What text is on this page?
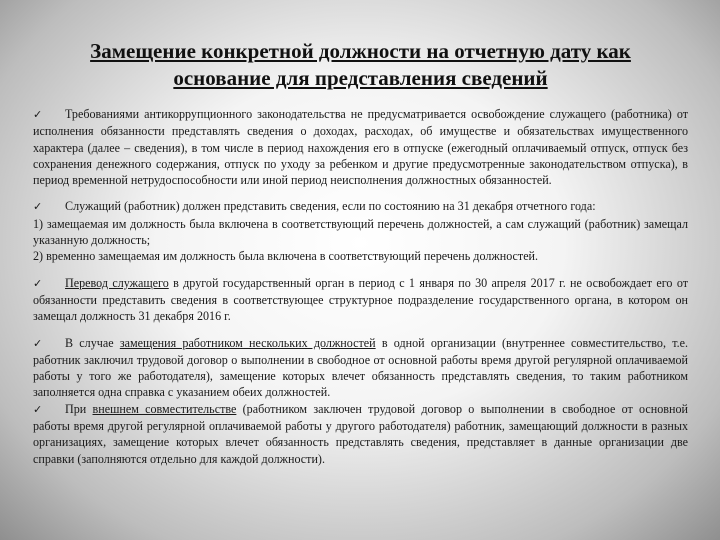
Замещение конкретной должности на отчетную дату как
основание для представления сведений

✓ Требованиями антикоррупционного законодательства не предусматривается освобождение служащего (работника) от исполнения обязанности представлять сведения о доходах, расходах, об имуществе и обязательствах имущественного характера (далее – сведения), в том числе в период нахождения его в отпуске (ежегодный оплачиваемый отпуск, отпуск без сохранения денежного содержания, отпуск по уходу за ребенком и другие предусмотренные законодательством отпуска), в период временной нетрудоспособности или иной период неисполнения должностных обязанностей.

✓ Служащий (работник) должен представить сведения, если по состоянию на 31 декабря отчетного года:
1) замещаемая им должность была включена в соответствующий перечень должностей, а сам служащий (работник) замещал указанную должность;
2) временно замещаемая им должность была включена в соответствующий перечень должностей.

✓ Перевод служащего в другой государственный орган в период с 1 января по 30 апреля 2017 г. не освобождает его от обязанности представить сведения в соответствующее структурное подразделение государственного органа, в котором он замещал должность 31 декабря 2016 г.

✓ В случае замещения работником нескольких должностей в одной организации (внутреннее совместительство, т.е. работник заключил трудовой договор о выполнении в свободное от основной работы время другой регулярной оплачиваемой работы у того же работодателя), замещение которых влечет обязанность представлять сведения, то таким работником заполняется одна справка с указанием обеих должностей.

✓ При внешнем совместительстве (работником заключен трудовой договор о выполнении в свободное от основной работы время другой регулярной оплачиваемой работы у другого работодателя) работник, замещающий должности в разных организациях, замещение которых влечет обязанность представлять сведения, представляет в данные организации две справки (заполняются отдельно для каждой должности).
